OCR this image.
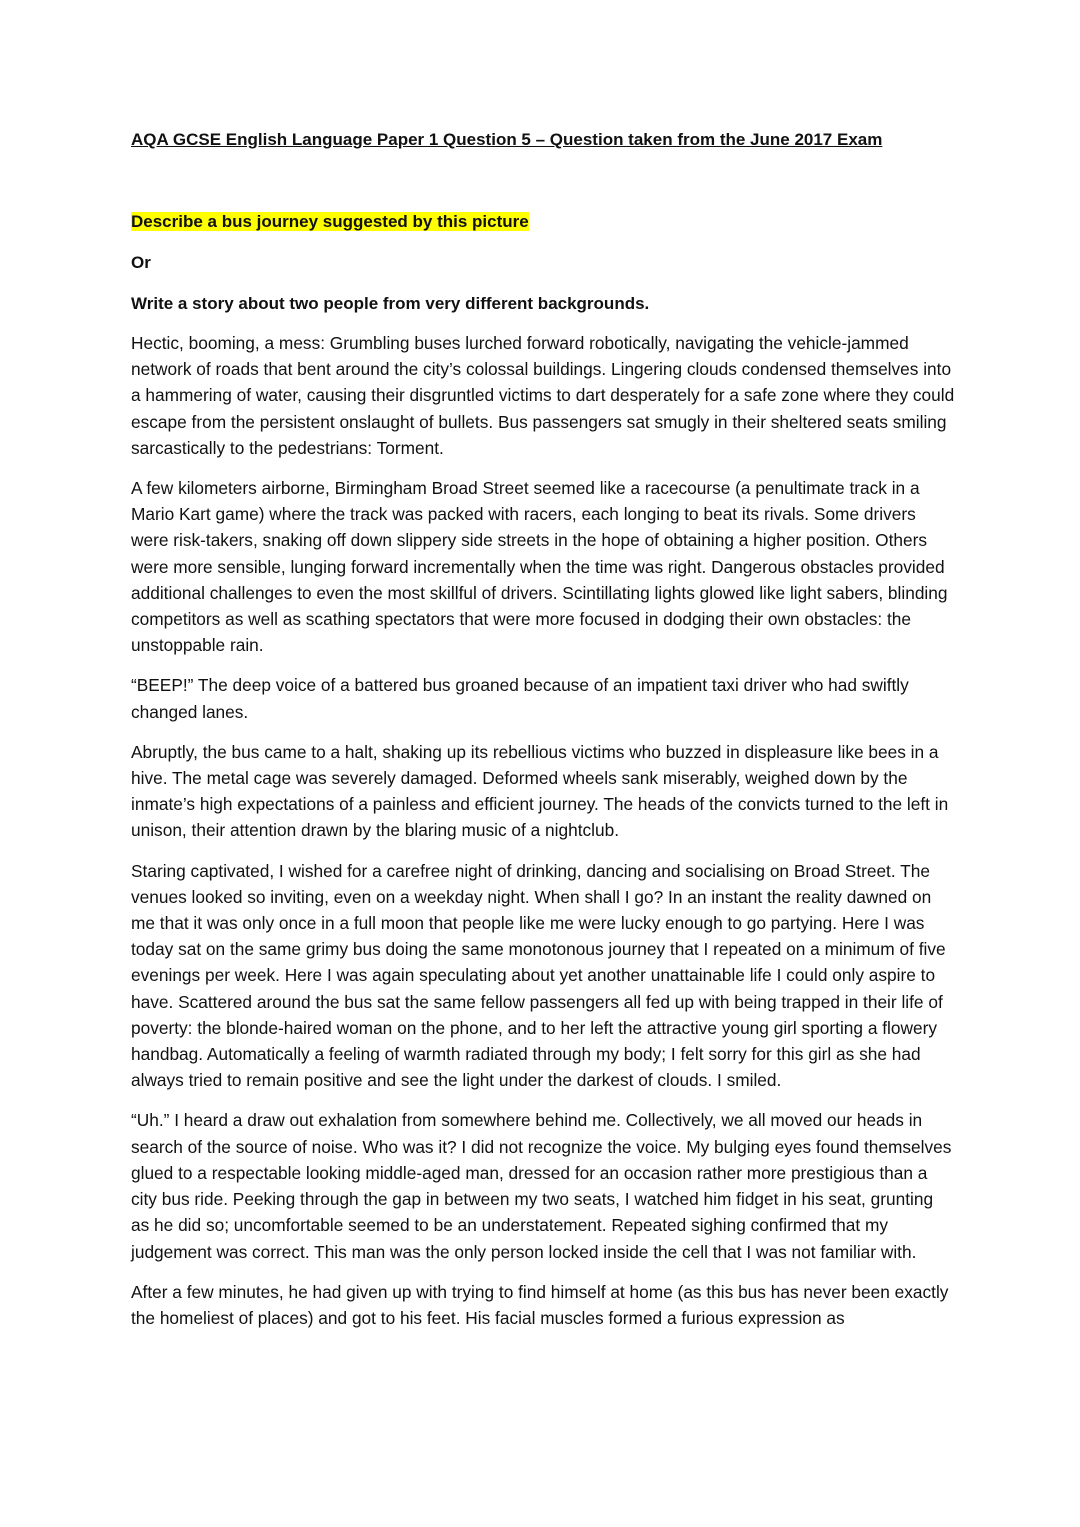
AQA GCSE English Language Paper 1 Question 5 – Question taken from the June 2017 Exam

Describe a bus journey suggested by this picture
Or
Write a story about two people from very different backgrounds.

Hectic, booming, a mess: Grumbling buses lurched forward robotically, navigating the vehicle-jammed network of roads that bent around the city’s colossal buildings. Lingering clouds condensed themselves into a hammering of water, causing their disgruntled victims to dart desperately for a safe zone where they could escape from the persistent onslaught of bullets. Bus passengers sat smugly in their sheltered seats smiling sarcastically to the pedestrians: Torment.

A few kilometers airborne, Birmingham Broad Street seemed like a racecourse (a penultimate track in a Mario Kart game) where the track was packed with racers, each longing to beat its rivals. Some drivers were risk-takers, snaking off down slippery side streets in the hope of obtaining a higher position. Others were more sensible, lunging forward incrementally when the time was right. Dangerous obstacles provided additional challenges to even the most skillful of drivers. Scintillating lights glowed like light sabers, blinding competitors as well as scathing spectators that were more focused in dodging their own obstacles: the unstoppable rain.

“BEEP!” The deep voice of a battered bus groaned because of an impatient taxi driver who had swiftly changed lanes.

Abruptly, the bus came to a halt, shaking up its rebellious victims who buzzed in displeasure like bees in a hive. The metal cage was severely damaged. Deformed wheels sank miserably, weighed down by the inmate’s high expectations of a painless and efficient journey. The heads of the convicts turned to the left in unison, their attention drawn by the blaring music of a nightclub.

Staring captivated, I wished for a carefree night of drinking, dancing and socialising on Broad Street. The venues looked so inviting, even on a weekday night. When shall I go? In an instant the reality dawned on me that it was only once in a full moon that people like me were lucky enough to go partying. Here I was today sat on the same grimy bus doing the same monotonous journey that I repeated on a minimum of five evenings per week. Here I was again speculating about yet another unattainable life I could only aspire to have. Scattered around the bus sat the same fellow passengers all fed up with being trapped in their life of poverty: the blonde-haired woman on the phone, and to her left the attractive young girl sporting a flowery handbag. Automatically a feeling of warmth radiated through my body; I felt sorry for this girl as she had always tried to remain positive and see the light under the darkest of clouds. I smiled.

“Uh.” I heard a draw out exhalation from somewhere behind me. Collectively, we all moved our heads in search of the source of noise. Who was it? I did not recognize the voice. My bulging eyes found themselves glued to a respectable looking middle-aged man, dressed for an occasion rather more prestigious than a city bus ride. Peeking through the gap in between my two seats, I watched him fidget in his seat, grunting as he did so; uncomfortable seemed to be an understatement. Repeated sighing confirmed that my judgement was correct. This man was the only person locked inside the cell that I was not familiar with.

After a few minutes, he had given up with trying to find himself at home (as this bus has never been exactly the homeliest of places) and got to his feet. His facial muscles formed a furious expression as
